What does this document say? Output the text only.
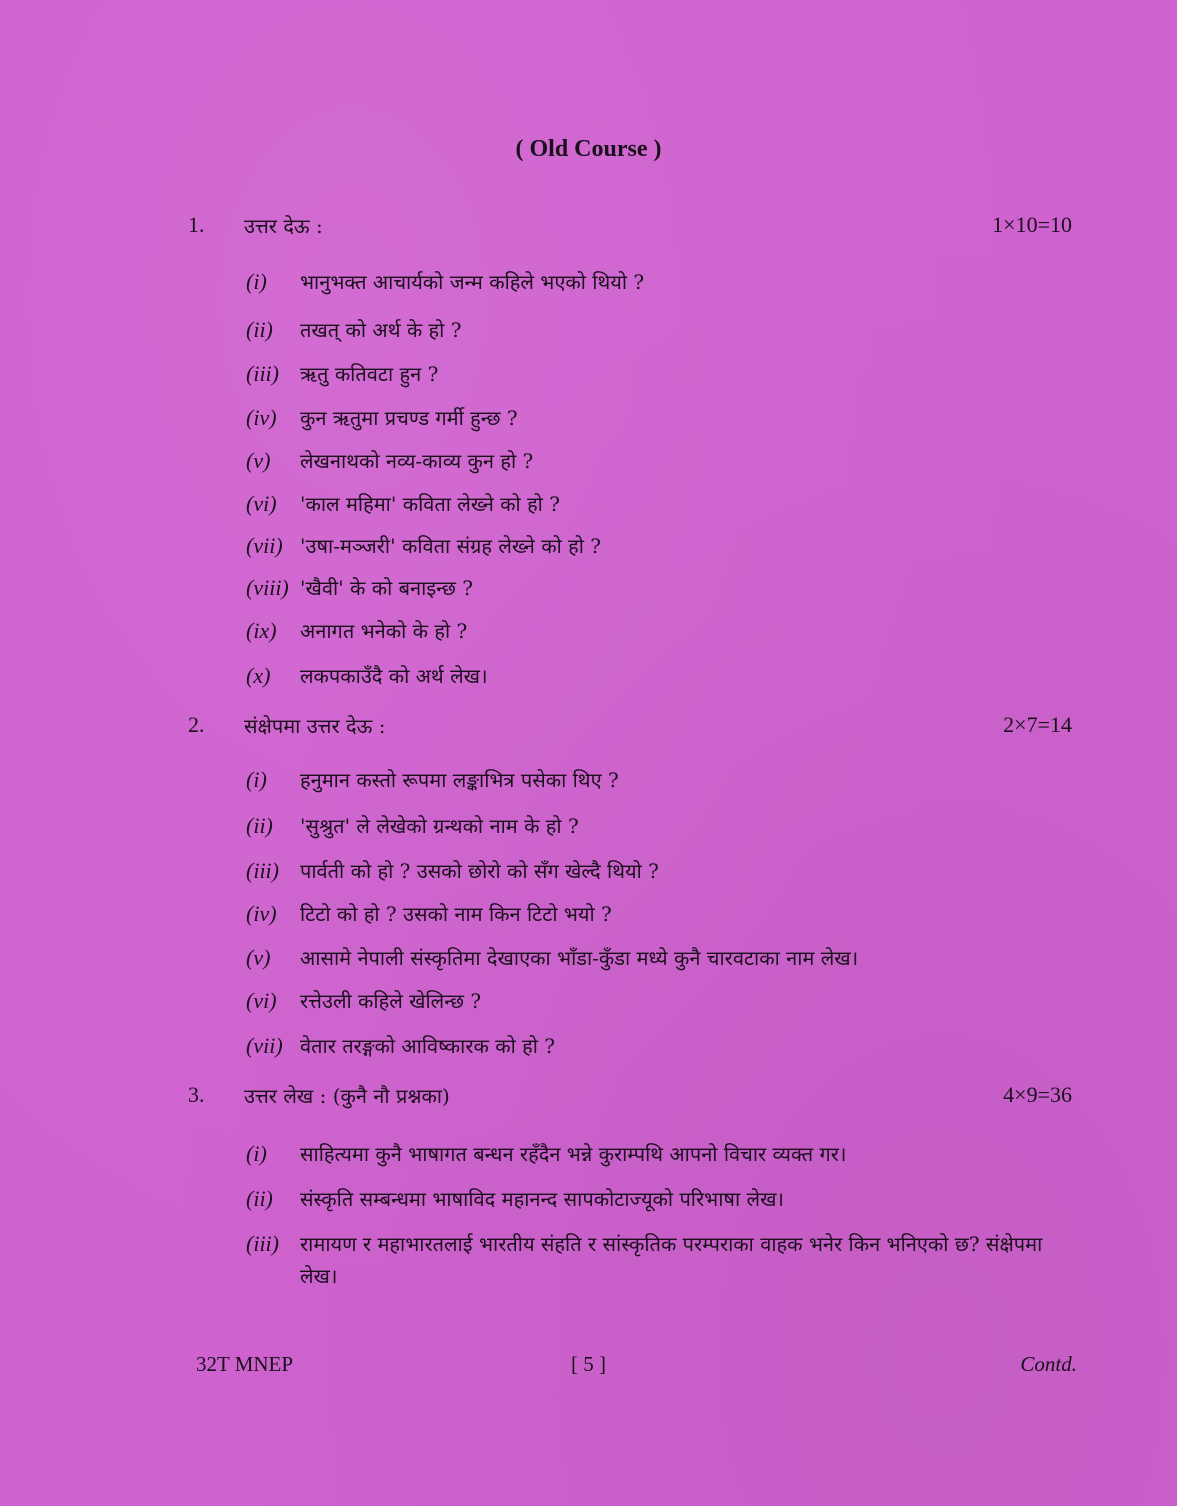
( Old Course )
1. उत्तर देऊ :	1×10=10
(i) भानुभक्त आचार्यको जन्म कहिले भएको थियो ?
(ii) तखत् को अर्थ के हो ?
(iii) ऋतु कतिवटा हुन ?
(iv) कुन ऋतुमा प्रचण्ड गर्मी हुन्छ ?
(v) लेखनाथको नव्य-काव्य कुन हो ?
(vi) 'काल महिमा' कविता लेख्ने को हो ?
(vii) 'उषा-मञ्जरी' कविता संग्रह लेख्ने को हो ?
(viii) 'खैवी' के को बनाइन्छ ?
(ix) अनागत भनेको के हो ?
(x) लकपकाउँदै को अर्थ लेख।
2. संक्षेपमा उत्तर देऊ :	2×7=14
(i) हनुमान कस्तो रूपमा लङ्काभित्र पसेका थिए ?
(ii) 'सुश्रुत' ले लेखेको ग्रन्थको नाम के हो ?
(iii) पार्वती को हो ? उसको छोरो को सँग खेल्दै थियो ?
(iv) टिटो को हो ? उसको नाम किन टिटो भयो ?
(v) आसामे नेपाली संस्कृतिमा देखाएका भाँडा-कुँडा मध्ये कुनै चारवटाका नाम लेख।
(vi) रत्तेउली कहिले खेलिन्छ ?
(vii) वेतार तरङ्गको आविष्कारक को हो ?
3. उत्तर लेख : (कुनै नौ प्रश्नका)	4×9=36
(i) साहित्यमा कुनै भाषागत बन्धन रहँदैन भन्ने कुराम्पथि आपनो विचार व्यक्त गर।
(ii) संस्कृति सम्बन्धमा भाषाविद महानन्द सापकोटाज्यूको परिभाषा लेख।
(iii) रामायण र महाभारतलाई भारतीय संहति र सांस्कृतिक परम्पराका वाहक भनेर किन भनिएको छ? संक्षेपमा लेख।
[ 5 ]
32T MNEP	Contd.
